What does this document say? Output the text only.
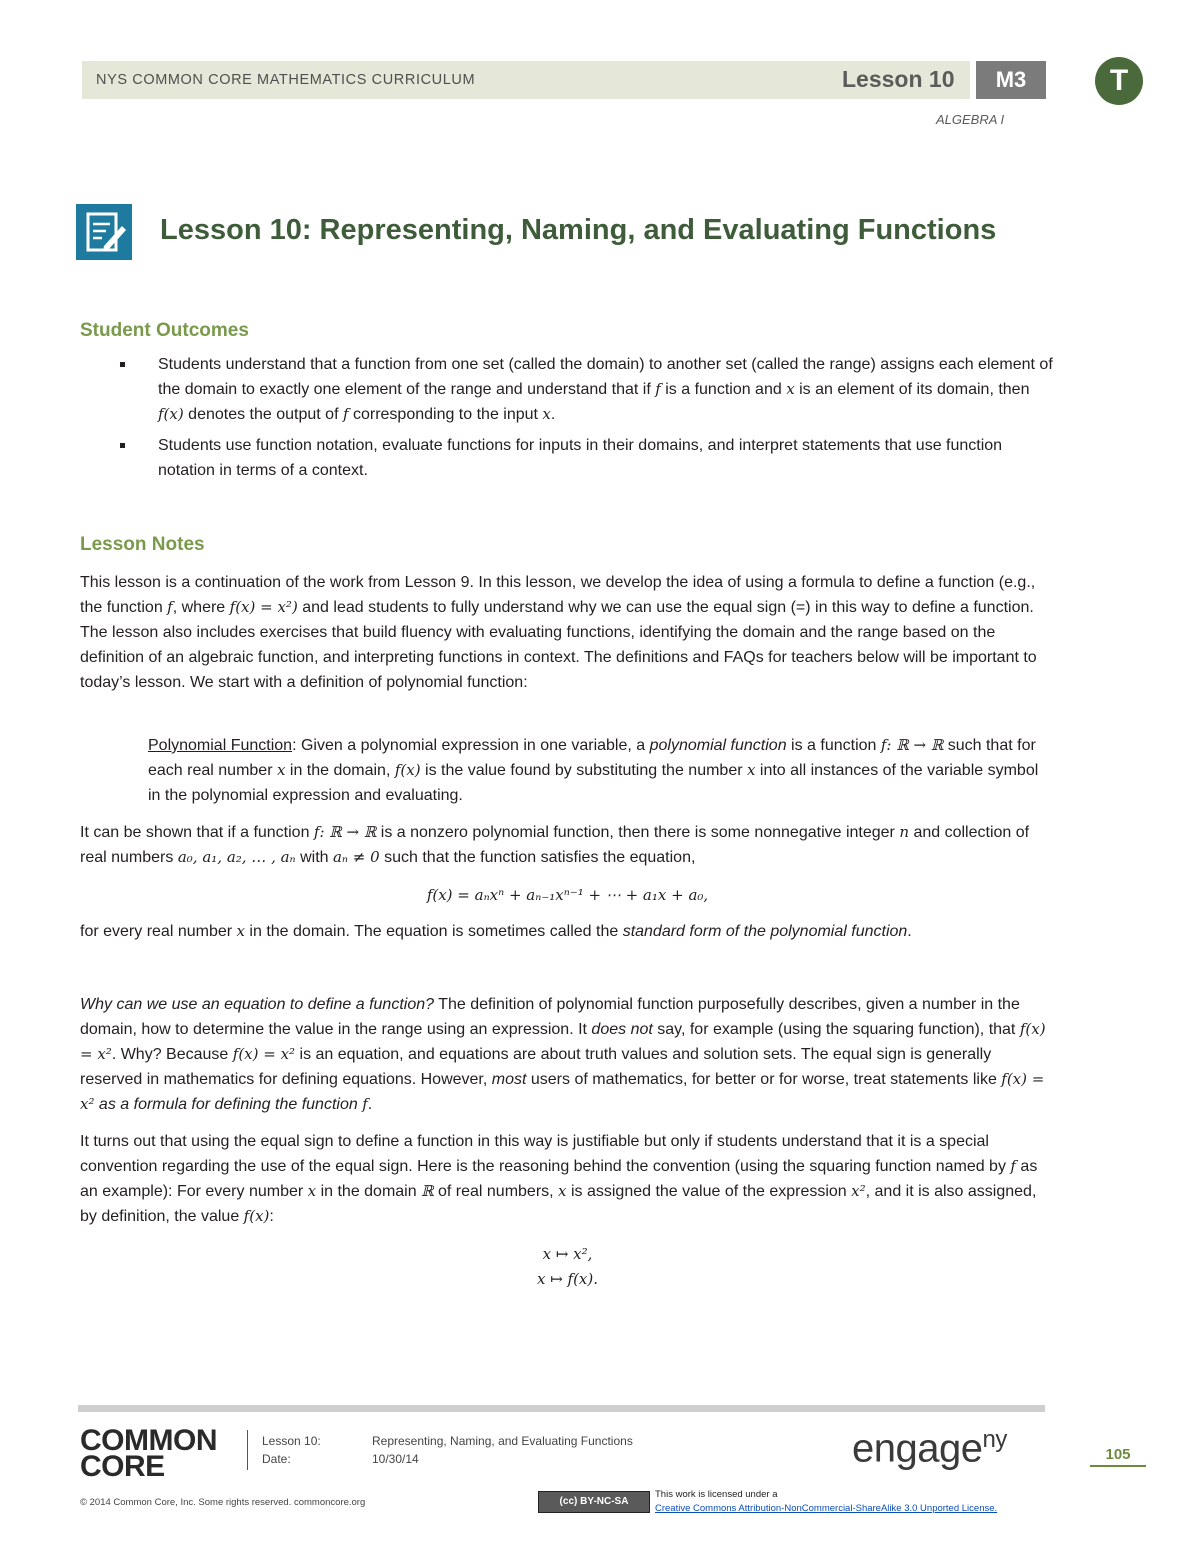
NYS COMMON CORE MATHEMATICS CURRICULUM	Lesson 10	M3	T
ALGEBRA I
Lesson 10: Representing, Naming, and Evaluating Functions
Student Outcomes
Students understand that a function from one set (called the domain) to another set (called the range) assigns each element of the domain to exactly one element of the range and understand that if f is a function and x is an element of its domain, then f(x) denotes the output of f corresponding to the input x.
Students use function notation, evaluate functions for inputs in their domains, and interpret statements that use function notation in terms of a context.
Lesson Notes
This lesson is a continuation of the work from Lesson 9. In this lesson, we develop the idea of using a formula to define a function (e.g., the function f, where f(x) = x²) and lead students to fully understand why we can use the equal sign (=) in this way to define a function. The lesson also includes exercises that build fluency with evaluating functions, identifying the domain and the range based on the definition of an algebraic function, and interpreting functions in context. The definitions and FAQs for teachers below will be important to today’s lesson. We start with a definition of polynomial function:
Polynomial Function: Given a polynomial expression in one variable, a polynomial function is a function f: ℝ → ℝ such that for each real number x in the domain, f(x) is the value found by substituting the number x into all instances of the variable symbol in the polynomial expression and evaluating.
It can be shown that if a function f: ℝ → ℝ is a nonzero polynomial function, then there is some nonnegative integer n and collection of real numbers a₀, a₁, a₂, … , aₙ with aₙ ≠ 0 such that the function satisfies the equation,
f(x) = aₙxⁿ + aₙ₋₁xⁿ⁻¹ + ⋯ + a₁x + a₀,
for every real number x in the domain. The equation is sometimes called the standard form of the polynomial function.
Why can we use an equation to define a function? The definition of polynomial function purposefully describes, given a number in the domain, how to determine the value in the range using an expression. It does not say, for example (using the squaring function), that f(x) = x². Why? Because f(x) = x² is an equation, and equations are about truth values and solution sets. The equal sign is generally reserved in mathematics for defining equations. However, most users of mathematics, for better or for worse, treat statements like f(x) = x² as a formula for defining the function f.
It turns out that using the equal sign to define a function in this way is justifiable but only if students understand that it is a special convention regarding the use of the equal sign. Here is the reasoning behind the convention (using the squaring function named by f as an example): For every number x in the domain ℝ of real numbers, x is assigned the value of the expression x², and it is also assigned, by definition, the value f(x):
x ↦ x²,
x ↦ f(x).
COMMON CORE
Lesson 10:
Date:
Representing, Naming, and Evaluating Functions
10/30/14	engage$^{ny}$
105
© 2014 Common Core, Inc. Some rights reserved. commoncore.org	(cc) BY-NC-SA
This work is licensed under a
Creative Commons Attribution-NonCommercial-ShareAlike 3.0 Unported License.
